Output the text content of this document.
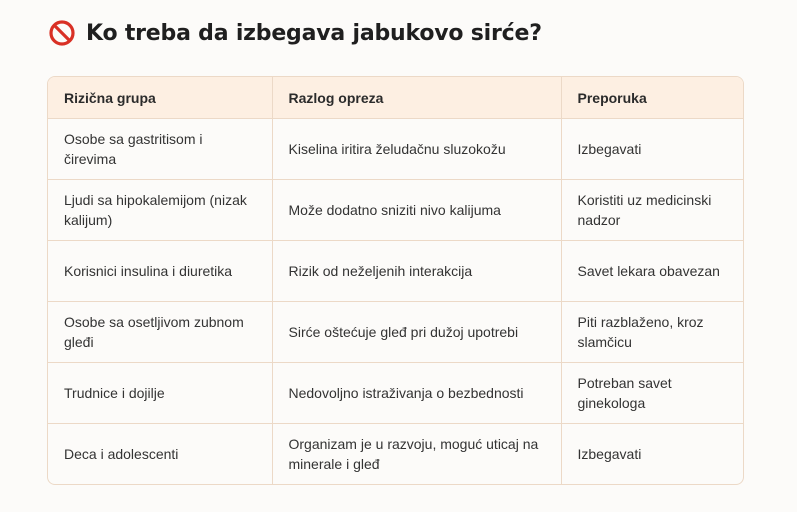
Ko treba da izbegava jabukovo sirće?
Rizična grupa	Razlog opreza	Preporuka
Osobe sa gastritisom i čirevima	Kiselina iritira želudačnu sluzokožu	Izbegavati
Ljudi sa hipokalemijom (nizak kalijum)	Može dodatno sniziti nivo kalijuma	Koristiti uz medicinski nadzor
Korisnici insulina i diuretika	Rizik od neželjenih interakcija	Savet lekara obavezan
Osobe sa osetljivom zubnom gleđi	Sirće oštećuje gleđ pri dužoj upotrebi	Piti razblaženo, kroz slamčicu
Trudnice i dojilje	Nedovoljno istraživanja o bezbednosti	Potreban savet ginekologa
Deca i adolescenti	Organizam je u razvoju, moguć uticaj na minerale i gleđ	Izbegavati
